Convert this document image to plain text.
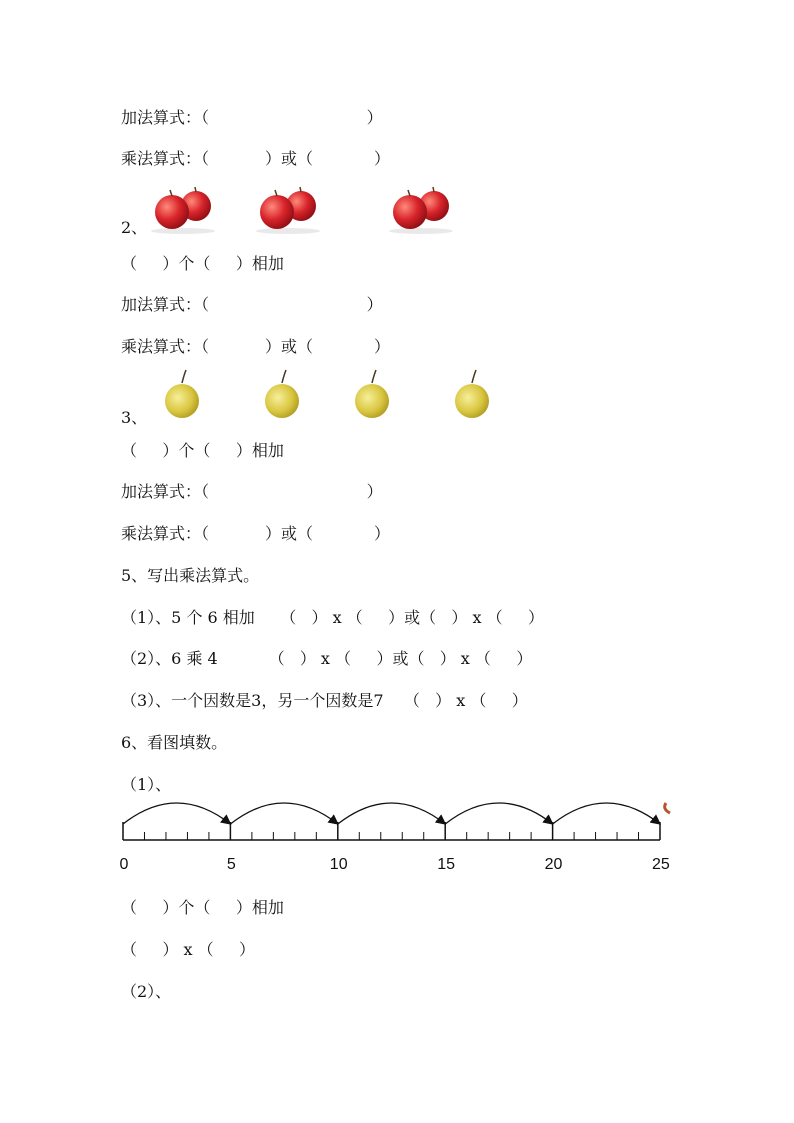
加法算式：（                               ）
乘法算式：（           ）或（            ）
2、
（     ）个（     ）相加
加法算式：（                               ）
乘法算式：（           ）或（            ）
3、
（     ）个（     ）相加
加法算式：（                               ）
乘法算式：（           ）或（            ）
5、写出乘法算式。
（1）、5 个 6 相加     （   ） x （     ）或（   ） x （     ）
（2）、6 乘 4          （   ） x （     ）或（   ） x （     ）
（3）、一个因数是3，另一个因数是7    （   ） x （     ）
6、看图填数。
（1）、
0	5	10	15	20	25
（     ）个（     ）相加
（     ） x （     ）
（2）、
